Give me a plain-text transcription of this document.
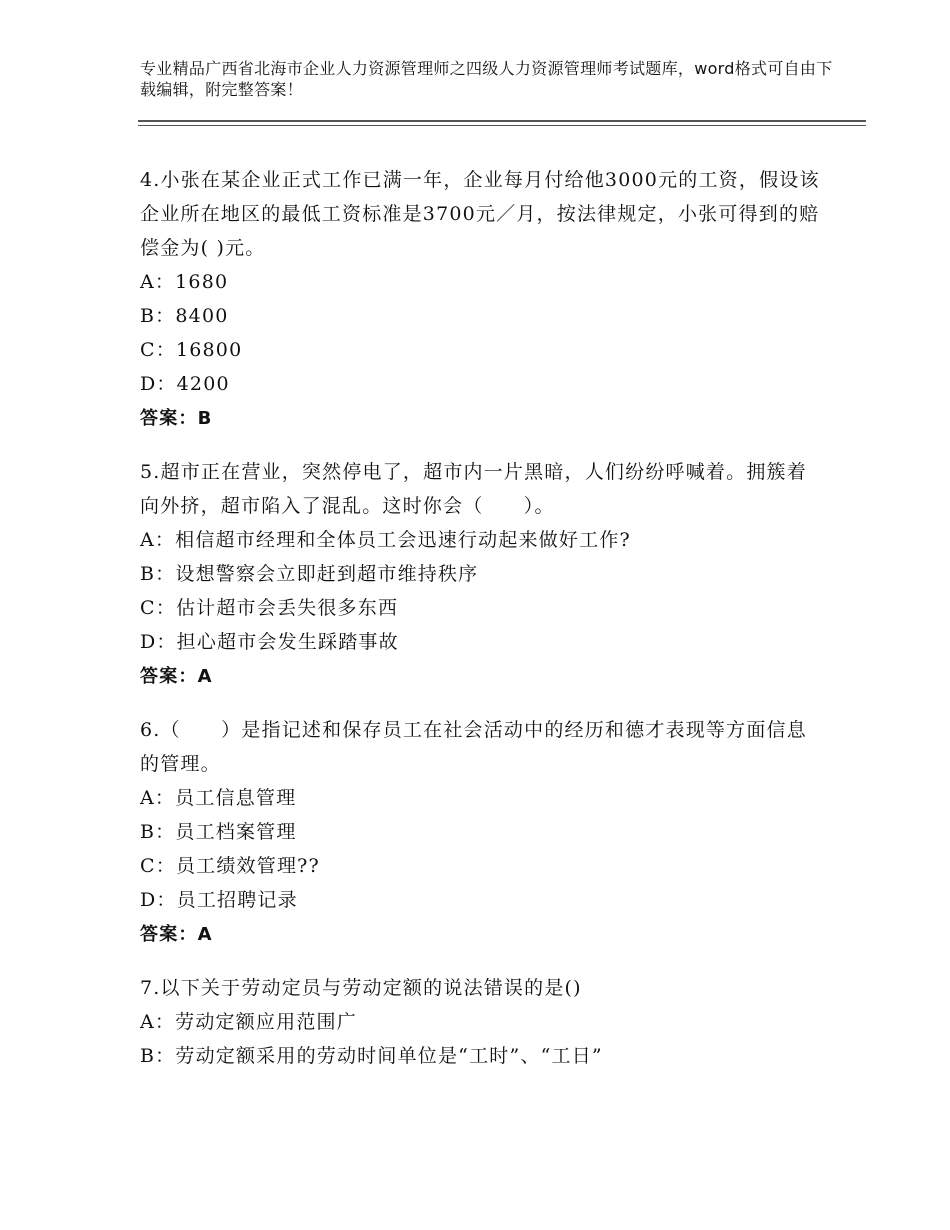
专业精品广西省北海市企业人力资源管理师之四级人力资源管理师考试题库，word格式可自由下载编辑，附完整答案！

4.小张在某企业正式工作已满一年，企业每月付给他3000元的工资，假设该企业所在地区的最低工资标准是3700元／月，按法律规定，小张可得到的赔偿金为( )元。

A：1680

B：8400

C：16800

D：4200

答案：B

5.超市正在营业，突然停电了，超市内一片黑暗，人们纷纷呼喊着。拥簇着向外挤，超市陷入了混乱。这时你会（　　）。

A：相信超市经理和全体员工会迅速行动起来做好工作?

B：设想警察会立即赶到超市维持秩序

C：估计超市会丢失很多东西

D：担心超市会发生踩踏事故

答案：A

6.（　　）是指记述和保存员工在社会活动中的经历和德才表现等方面信息的管理。

A：员工信息管理

B：员工档案管理

C：员工绩效管理??

D：员工招聘记录

答案：A

7.以下关于劳动定员与劳动定额的说法错误的是()

A：劳动定额应用范围广

B：劳动定额采用的劳动时间单位是“工时”、“工日”
